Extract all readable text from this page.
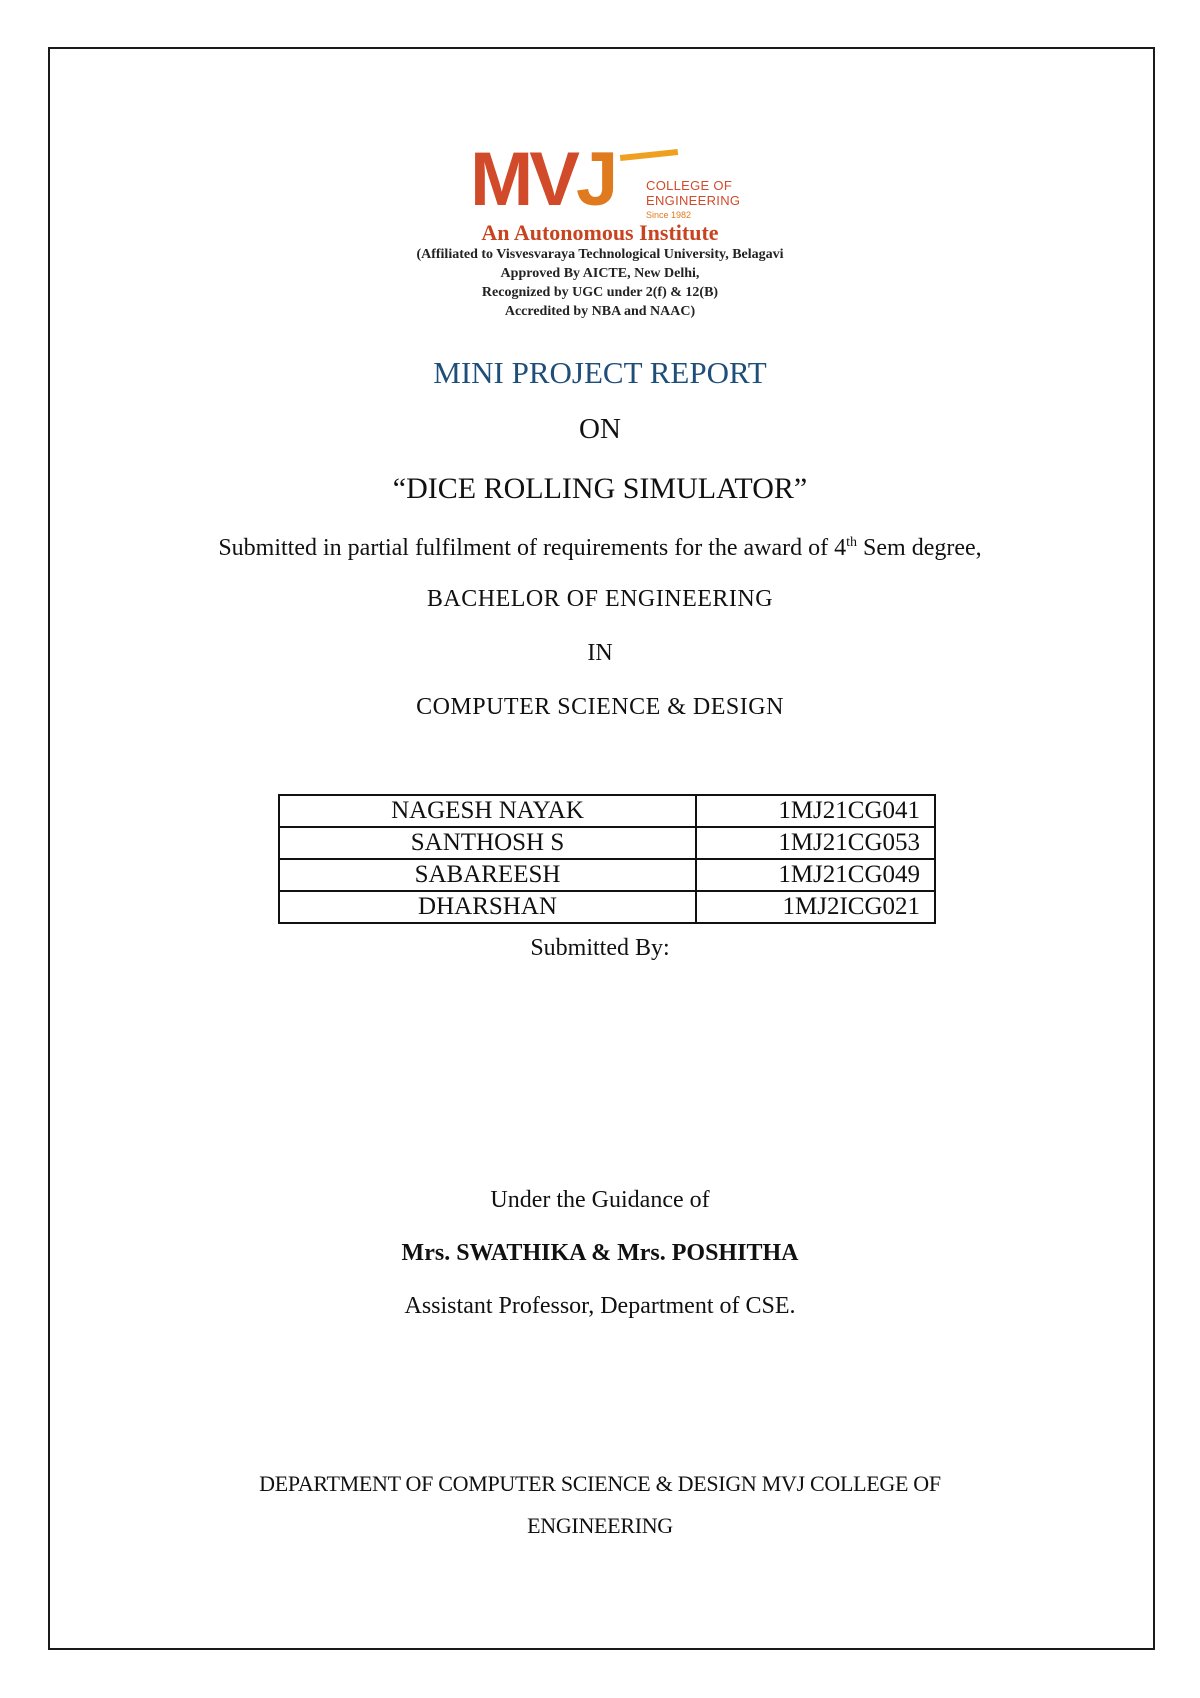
MVJ COLLEGE OF
ENGINEERING
Since 1982
An Autonomous Institute
(Affiliated to Visvesvaraya Technological University, Belagavi
Approved By AICTE, New Delhi,
Recognized by UGC under 2(f) & 12(B)
Accredited by NBA and NAAC)
MINI PROJECT REPORT
ON
“DICE ROLLING SIMULATOR”
Submitted in partial fulfilment of requirements for the award of 4th Sem degree,
BACHELOR OF ENGINEERING
IN
COMPUTER SCIENCE & DESIGN
NAGESH NAYAK	1MJ21CG041
SANTHOSH S	1MJ21CG053
SABAREESH	1MJ21CG049
DHARSHAN	1MJ2ICG021
Submitted By:
Under the Guidance of
Mrs. SWATHIKA & Mrs. POSHITHA
Assistant Professor, Department of CSE.
DEPARTMENT OF COMPUTER SCIENCE & DESIGN MVJ COLLEGE OF
ENGINEERING
